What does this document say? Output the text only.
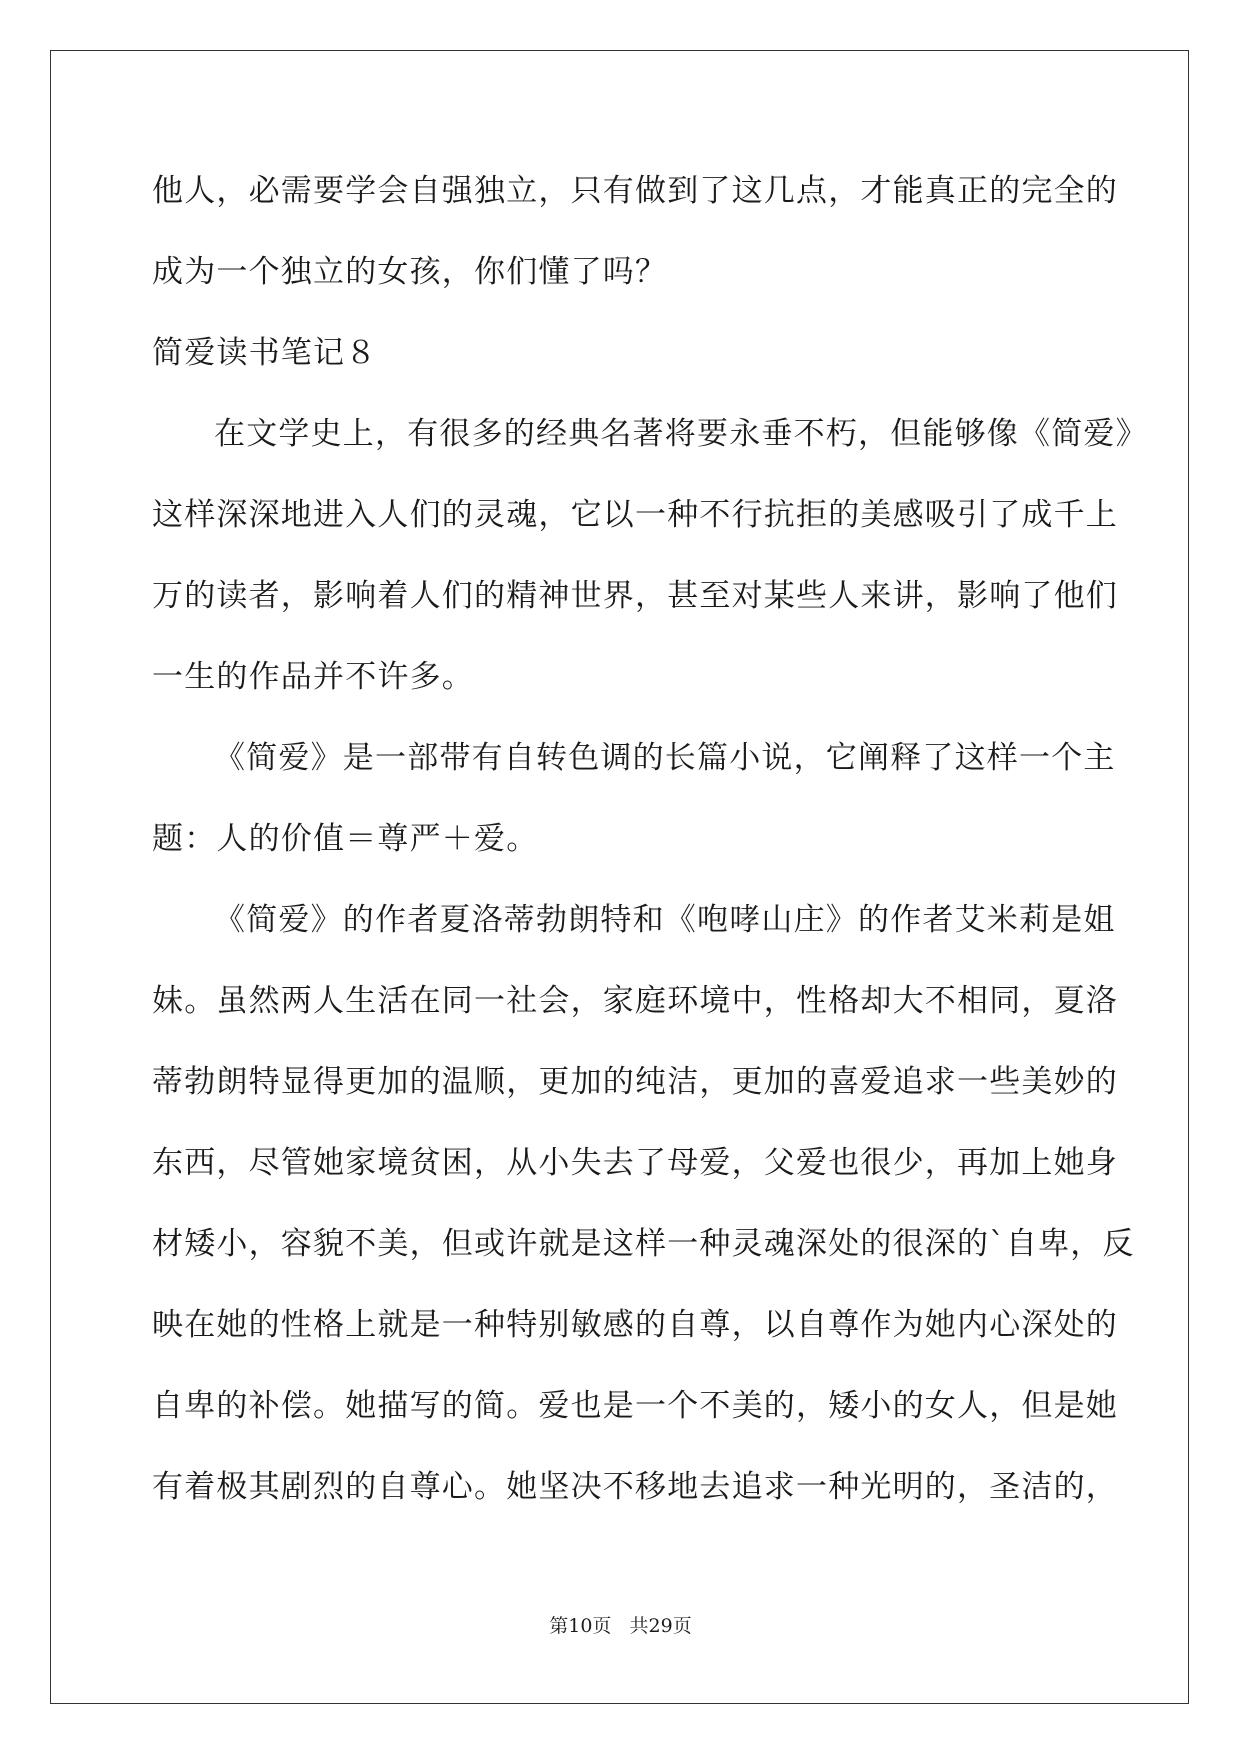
他人，必需要学会自强独立，只有做到了这几点，才能真正的完全的
成为一个独立的女孩，你们懂了吗？
简爱读书笔记８
在文学史上，有很多的经典名著将要永垂不朽，但能够像《简爱》
这样深深地进入人们的灵魂，它以一种不行抗拒的美感吸引了成千上
万的读者，影响着人们的精神世界，甚至对某些人来讲，影响了他们
一生的作品并不许多。
《简爱》是一部带有自转色调的长篇小说，它阐释了这样一个主
题：人的价值＝尊严＋爱。
《简爱》的作者夏洛蒂勃朗特和《咆哮山庄》的作者艾米莉是姐
妹。虽然两人生活在同一社会，家庭环境中，性格却大不相同，夏洛
蒂勃朗特显得更加的温顺，更加的纯洁，更加的喜爱追求一些美妙的
东西，尽管她家境贫困，从小失去了母爱，父爱也很少，再加上她身
材矮小，容貌不美，但或许就是这样一种灵魂深处的很深的`自卑，反
映在她的性格上就是一种特别敏感的自尊，以自尊作为她内心深处的
自卑的补偿。她描写的简。爱也是一个不美的，矮小的女人，但是她
有着极其剧烈的自尊心。她坚决不移地去追求一种光明的，圣洁的，
第10页   共29页
